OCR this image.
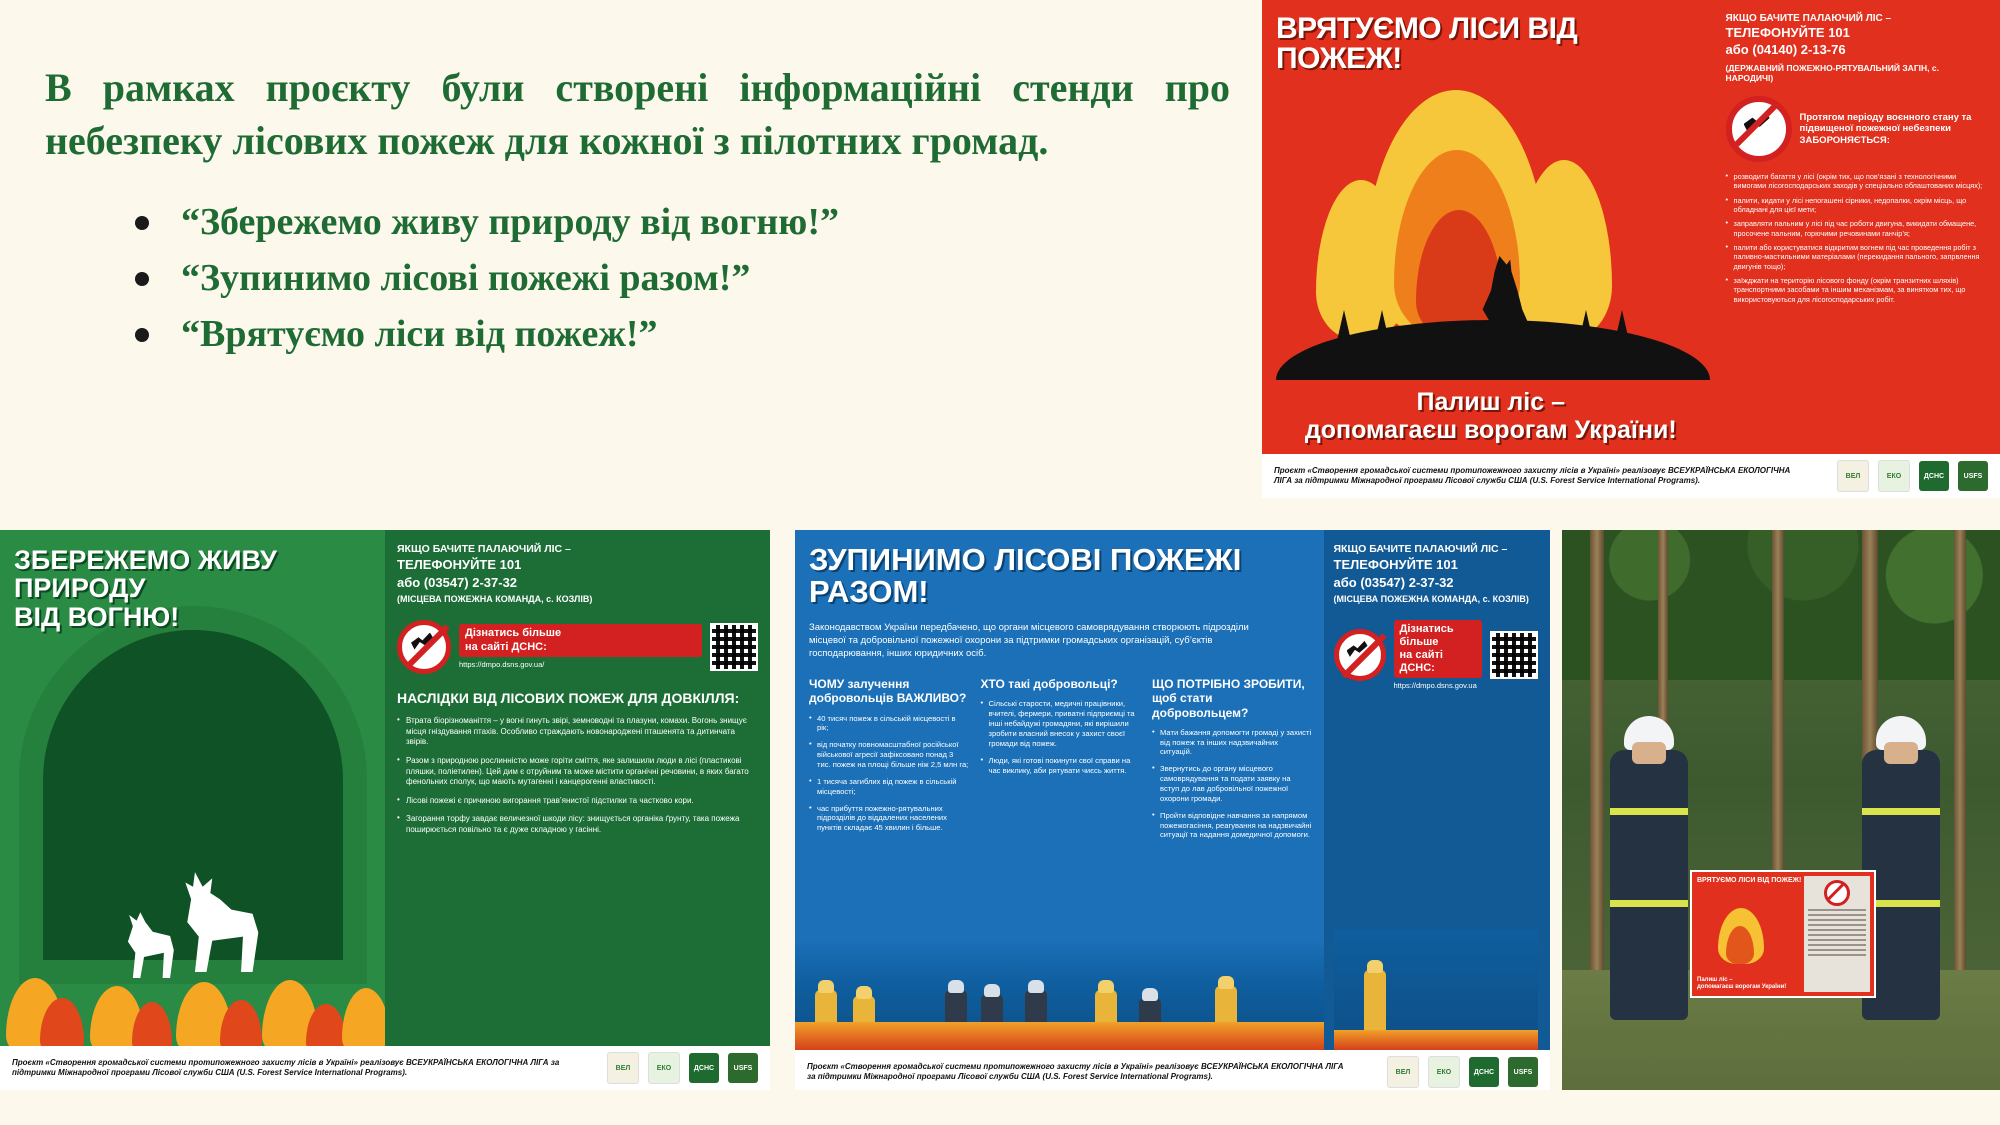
В рамках проєкту були створені інформаційні стенди про небезпеку лісових пожеж для кожної з пілотних громад.

“Збережемо живу природу від вогню!”
“Зупинимо лісові пожежі разом!”
“Врятуємо ліси від пожеж!”
ВРЯТУЄМО ЛІСИ ВІД ПОЖЕЖ!
Палиш ліс –
допомагаєш ворогам України!
ЯКЩО БАЧИТЕ ПАЛАЮЧИЙ ЛІС –
ТЕЛЕФОНУЙТЕ 101
або (04140) 2-13-76
(ДЕРЖАВНИЙ ПОЖЕЖНО-РЯТУВАЛЬНИЙ ЗАГІН, с. НАРОДИЧІ)
Протягом періоду воєнного стану та підвищеної пожежної небезпеки ЗАБОРОНЯЄТЬСЯ:
• розводити багаття у лісі (окрім тих, що пов’язані з технологічними вимогами лісогосподарських заходів у спеціально облаштованих місцях);
• палити, кидати у лісі непогашені сірники, недопалки, окрім місць, що обладнані для цієї мети;
• заправляти пальним у лісі під час роботи двигуна, викидати обмащене, просочене пальним, горючими речовинами ганчір’я;
• палити або користуватися відкритим вогнем під час проведення робіт з паливно-мастильними матеріалами (перекидання пального, запрвлення двигунів тощо);
• заїжджати на територію лісового фонду (окрім транзитних шляхів) транспортними засобами та іншим механізмам, за винятком тих, що використовуються для лісогосподарських робіт.
Проєкт «Створення громадської системи протипожежного захисту лісів в Україні» реалізовує ВСЕУКРАЇНСЬКА ЕКОЛОГІЧНА ЛІГА за підтримки Міжнародної програми Лісової служби США (U.S. Forest Service International Programs).	ВЕЛ	ЕКО	ДСНС	USFS
ЗБЕРЕЖЕМО ЖИВУ ПРИРОДУ
ВІД ВОГНЮ!
ЯКЩО БАЧИТЕ ПАЛАЮЧИЙ ЛІС –
ТЕЛЕФОНУЙТЕ 101
або (03547) 2-37-32
(МІСЦЕВА ПОЖЕЖНА КОМАНДА, с. КОЗЛІВ)
Дізнатись більше
на сайті ДСНС:
https://dmpo.dsns.gov.ua/
НАСЛІДКИ ВІД ЛІСОВИХ ПОЖЕЖ ДЛЯ ДОВКІЛЛЯ:
• Втрата біорізноманіття – у вогні гинуть звірі, земноводні та плазуни, комахи. Вогонь знищує місця гніздування птахів. Особливо страждають новонароджені пташенята та дитинчата звірів.
• Разом з природною рослинністю може горіти сміття, яке залишили люди в лісі (пластикові пляшки, поліетилен). Цей дим є отруйним та може містити органічні речовини, в яких багато фенольних сполук, що мають мутагенні і канцерогенні властивості.
• Лісові пожежі є причиною вигорання трав’янистої підстилки та частково кори.
• Загорання торфу завдає величезної шкоди лісу: знищується органіка ґрунту, така пожежа поширюється повільно та є дуже складною у гасінні.
Проєкт «Створення громадської системи протипожежного захисту лісів в Україні» реалізовує ВСЕУКРАЇНСЬКА ЕКОЛОГІЧНА ЛІГА за підтримки Міжнародної програми Лісової служби США (U.S. Forest Service International Programs).	ВЕЛ	ЕКО	ДСНС	USFS
ЗУПИНИМО ЛІСОВІ ПОЖЕЖІ
РАЗОМ!
Законодавством України передбачено, що органи місцевого самоврядування створюють підрозділи місцевої та добровільної пожежної охорони за підтримки громадських організацій, суб’єктів господарювання, інших юридичних осіб.
ЧОМУ залучення добровольців ВАЖЛИВО?
• 40 тисяч пожеж в сільській місцевості в рік;
• від початку повномасштабної російської військової агресії зафіксовано понад 3 тис. пожеж на площі більше ніж 2,5 млн га;
• 1 тисяча загиблих від пожеж в сільській місцевості;
• час прибуття пожежно-рятувальних підрозділів до віддалених населених пунктів складає 45 хвилин і більше.
ХТО такі добровольці?
• Сільські старости, медичні працівники, вчителі, фермери, приватні підприємці та інші небайдужі громадяни, які вирішили зробити власний внесок у захист своєї громади від пожеж.
• Люди, які готові покинути свої справи на час виклику, аби рятувати чиєсь життя.
ЩО ПОТРІБНО ЗРОБИТИ, щоб стати добровольцем?
• Мати бажання допомогти громаді у захисті від пожеж та інших надзвичайних ситуацій.
• Звернутись до органу місцевого самоврядування та подати заявку на вступ до лав добровільної пожежної охорони громади.
• Пройти відповідне навчання за напрямом пожежогасіння, реагування на надзвичайні ситуації та надання домедичної допомоги.
ЯКЩО БАЧИТЕ ПАЛАЮЧИЙ ЛІС –
ТЕЛЕФОНУЙТЕ 101
або (03547) 2-37-32
(МІСЦЕВА ПОЖЕЖНА КОМАНДА, с. КОЗЛІВ)
Дізнатись більше
на сайті ДСНС:
https://dmpo.dsns.gov.ua
Проєкт «Створення громадської системи протипожежного захисту лісів в Україні» реалізовує ВСЕУКРАЇНСЬКА ЕКОЛОГІЧНА ЛІГА за підтримки Міжнародної програми Лісової служби США (U.S. Forest Service International Programs).	ВЕЛ	ЕКО	ДСНС	USFS
ВРЯТУЄМО ЛІСИ ВІД ПОЖЕЖ!
Палиш ліс –
допомагаєш ворогам України!
